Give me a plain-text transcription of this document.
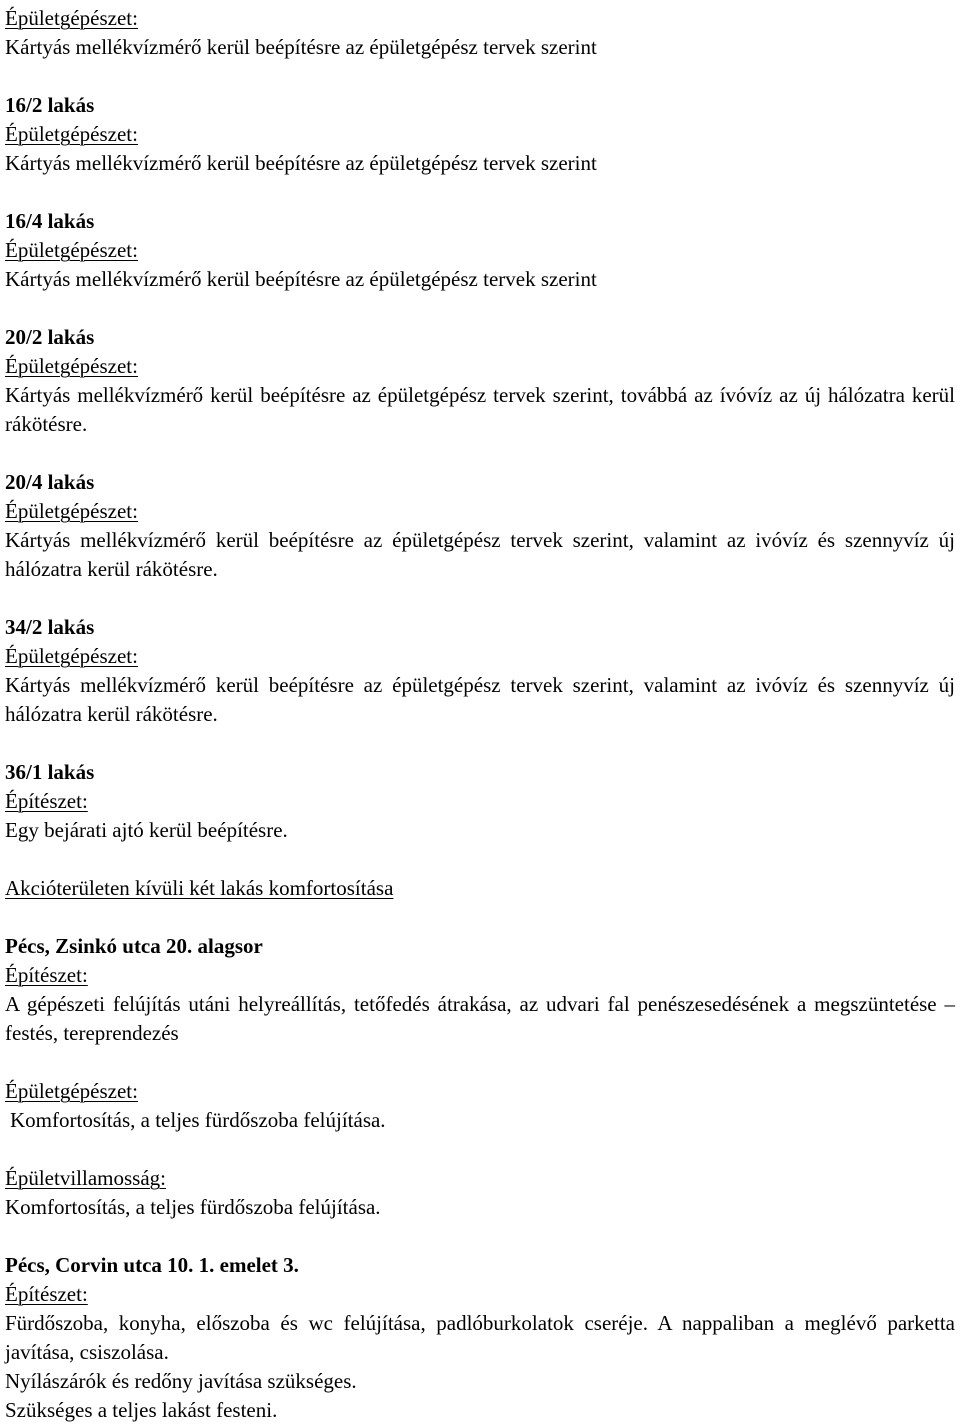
Épületgépészet:
Kártyás mellékvízmérő kerül beépítésre az épületgépész tervek szerint
16/2 lakás
Épületgépészet:
Kártyás mellékvízmérő kerül beépítésre az épületgépész tervek szerint
16/4 lakás
Épületgépészet:
Kártyás mellékvízmérő kerül beépítésre az épületgépész tervek szerint
20/2 lakás
Épületgépészet:
Kártyás mellékvízmérő kerül beépítésre az épületgépész tervek szerint, továbbá az ívóvíz az új hálózatra kerül rákötésre.
20/4 lakás
Épületgépészet:
Kártyás mellékvízmérő kerül beépítésre az épületgépész tervek szerint, valamint az ivóvíz és szennyvíz új hálózatra kerül rákötésre.
34/2 lakás
Épületgépészet:
Kártyás mellékvízmérő kerül beépítésre az épületgépész tervek szerint, valamint az ivóvíz és szennyvíz új hálózatra kerül rákötésre.
36/1 lakás
Építészet:
Egy bejárati ajtó kerül beépítésre.
Akcióterületen kívüli két lakás komfortosítása
Pécs, Zsinkó utca 20. alagsor
Építészet:
A gépészeti felújítás utáni helyreállítás, tetőfedés átrakása, az udvari fal penészesedésének a megszüntetése – festés, tereprendezés
Épületgépészet:
Komfortosítás, a teljes fürdőszoba felújítása.
Épületvillamosság:
Komfortosítás, a teljes fürdőszoba felújítása.
Pécs, Corvin utca 10. 1. emelet 3.
Építészet:
Fürdőszoba, konyha, előszoba és wc felújítása, padlóburkolatok cseréje. A nappaliban a meglévő parketta javítása, csiszolása.
Nyílászárók és redőny javítása szükséges.
Szükséges a teljes lakást festeni.
